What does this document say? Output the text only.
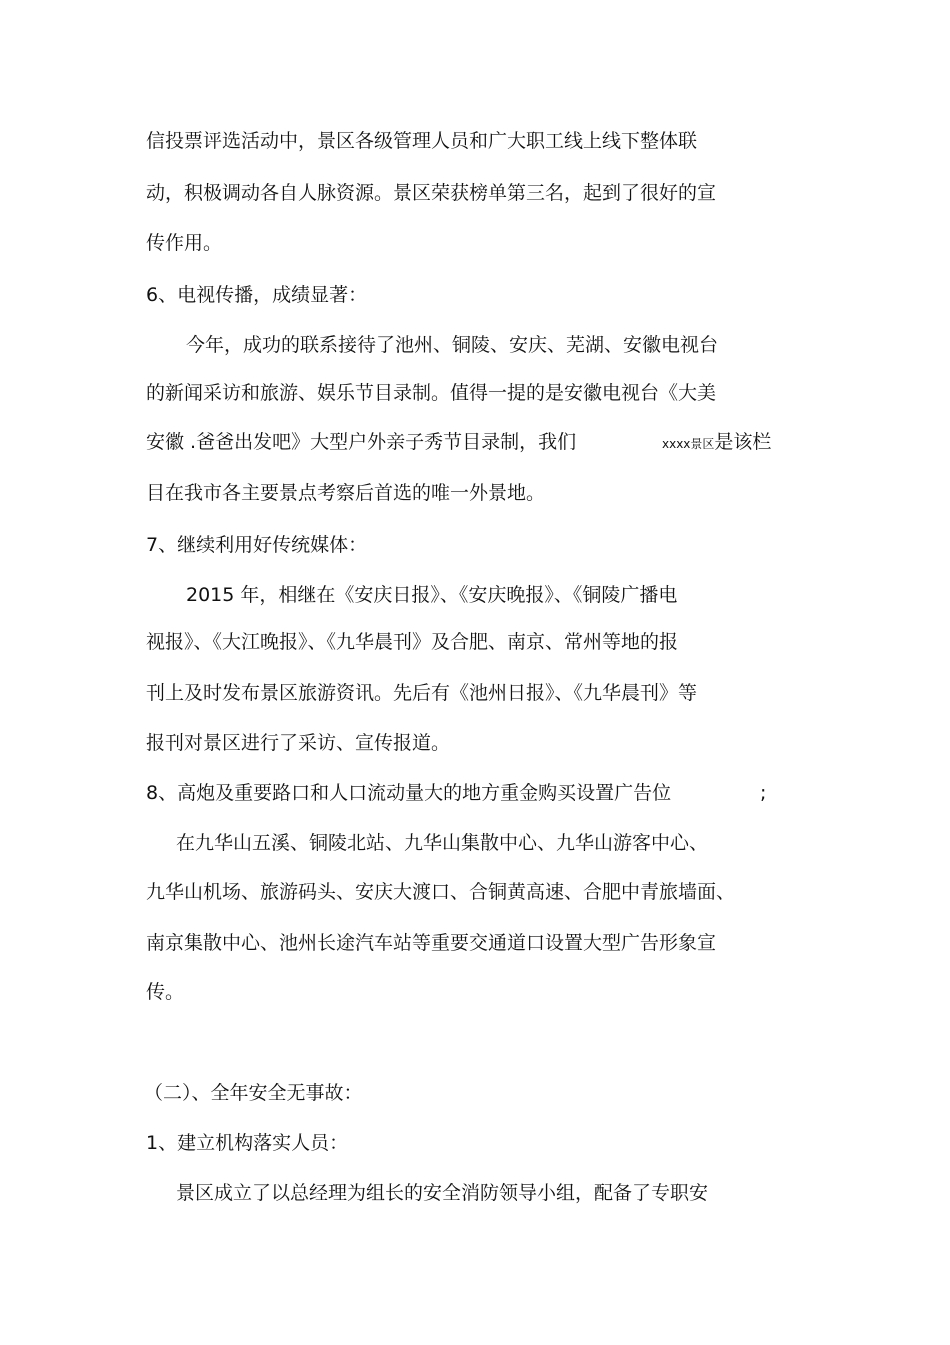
信投票评选活动中，景区各级管理人员和广大职工线上线下整体联

动，积极调动各自人脉资源。景区荣获榜单第三名，起到了很好的宣

传作用。

6、电视传播，成绩显著：

今年，成功的联系接待了池州、铜陵、安庆、芜湖、安徽电视台

的新闻采访和旅游、娱乐节目录制。值得一提的是安徽电视台《大美

安徽 .爸爸出发吧》大型户外亲子秀节目录制，我们	xxxx景区是该栏

目在我市各主要景点考察后首选的唯一外景地。

7、继续利用好传统媒体：

2015 年，相继在《安庆日报》、《安庆晚报》、《铜陵广播电

视报》、《大江晚报》、《九华晨刊》及合肥、南京、常州等地的报

刊上及时发布景区旅游资讯。先后有《池州日报》、《九华晨刊》等

报刊对景区进行了采访、宣传报道。

8、高炮及重要路口和人口流动量大的地方重金购买设置广告位	;

在九华山五溪、铜陵北站、九华山集散中心、九华山游客中心、

九华山机场、旅游码头、安庆大渡口、合铜黄高速、合肥中青旅墙面、

南京集散中心、池州长途汽车站等重要交通道口设置大型广告形象宣

传。

（二）、全年安全无事故：

1、建立机构落实人员：

景区成立了以总经理为组长的安全消防领导小组，配备了专职安
